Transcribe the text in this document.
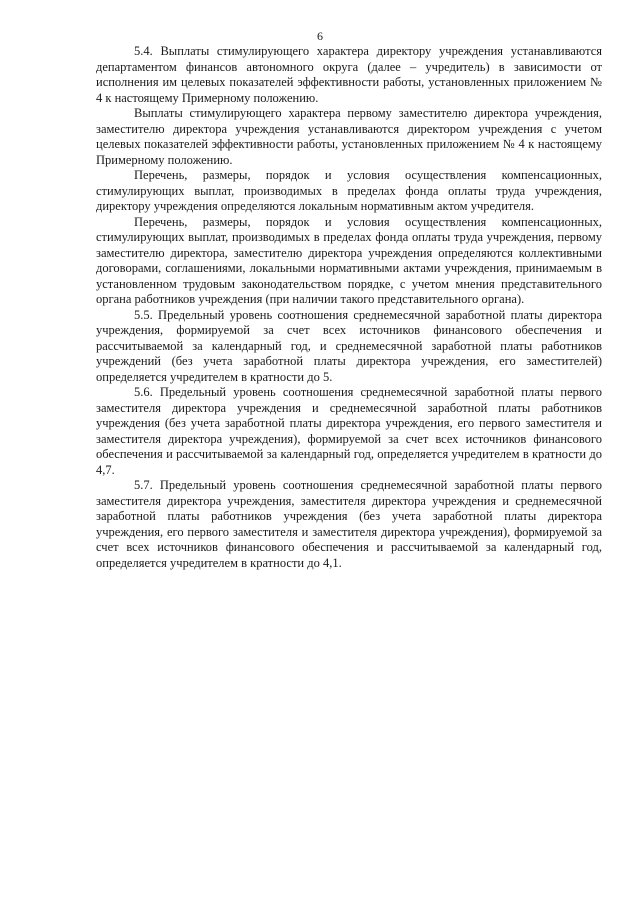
6

5.4. Выплаты стимулирующего характера директору учреждения устанавливаются департаментом финансов автономного округа (далее – учредитель) в зависимости от исполнения им целевых показателей эффективности работы, установленных приложением № 4 к настоящему Примерному положению.

Выплаты стимулирующего характера первому заместителю директора учреждения, заместителю директора учреждения устанавливаются директором учреждения с учетом целевых показателей эффективности работы, установленных приложением № 4 к настоящему Примерному положению.

Перечень, размеры, порядок и условия осуществления компенсационных, стимулирующих выплат, производимых в пределах фонда оплаты труда учреждения, директору учреждения определяются локальным нормативным актом учредителя.

Перечень, размеры, порядок и условия осуществления компенсационных, стимулирующих выплат, производимых в пределах фонда оплаты труда учреждения, первому заместителю директора, заместителю директора учреждения определяются коллективными договорами, соглашениями, локальными нормативными актами учреждения, принимаемым в установленном трудовым законодательством порядке, с учетом мнения представительного органа работников учреждения (при наличии такого представительного органа).

5.5. Предельный уровень соотношения среднемесячной заработной платы директора учреждения, формируемой за счет всех источников финансового обеспечения и рассчитываемой за календарный год, и среднемесячной заработной платы работников учреждений (без учета заработной платы директора учреждения, его заместителей) определяется учредителем в кратности до 5.

5.6. Предельный уровень соотношения среднемесячной заработной платы первого заместителя директора учреждения и среднемесячной заработной платы работников учреждения (без учета заработной платы директора учреждения, его первого заместителя и заместителя директора учреждения), формируемой за счет всех источников финансового обеспечения и рассчитываемой за календарный год, определяется учредителем в кратности до 4,7.

5.7. Предельный уровень соотношения среднемесячной заработной платы первого заместителя директора учреждения, заместителя директора учреждения и среднемесячной заработной платы работников учреждения (без учета заработной платы директора учреждения, его первого заместителя и заместителя директора учреждения), формируемой за счет всех источников финансового обеспечения и рассчитываемой за календарный год, определяется учредителем в кратности до 4,1.
